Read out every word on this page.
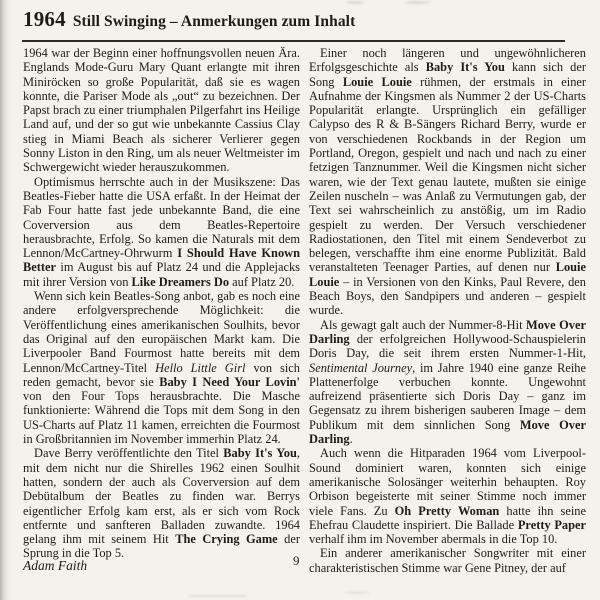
1964 Still Swinging – Anmerkungen zum Inhalt

1964 war der Beginn einer hoffnungsvollen neuen Ära. Englands Mode-Guru Mary Quant erlangte mit ihren Miniröcken so große Popularität, daß sie es wagen konnte, die Pariser Mode als „out“ zu bezeichnen. Der Papst brach zu einer triumphalen Pilgerfahrt ins Heilige Land auf, und der so gut wie unbekannte Cassius Clay stieg in Miami Beach als sicherer Verlierer gegen Sonny Liston in den Ring, um als neuer Weltmeister im Schwergewicht wieder herauszukommen.

Optimismus herrschte auch in der Musikszene: Das Beatles-Fieber hatte die USA erfaßt. In der Heimat der Fab Four hatte fast jede unbekannte Band, die eine Coverversion aus dem Beatles-Repertoire herausbrachte, Erfolg. So kamen die Naturals mit dem Lennon/McCartney-Ohrwurm I Should Have Known Better im August bis auf Platz 24 und die Applejacks mit ihrer Version von Like Dreamers Do auf Platz 20.

Wenn sich kein Beatles-Song anbot, gab es noch eine andere erfolgversprechende Möglichkeit: die Veröffentlichung eines amerikanischen Soulhits, bevor das Original auf den europäischen Markt kam. Die Liverpooler Band Fourmost hatte bereits mit dem Lennon/McCartney-Titel Hello Little Girl von sich reden gemacht, bevor sie Baby I Need Your Lovin' von den Four Tops herausbrachte. Die Masche funktionierte: Während die Tops mit dem Song in den US-Charts auf Platz 11 kamen, erreichten die Fourmost in Großbritannien im November immerhin Platz 24.

Dave Berry veröffentlichte den Titel Baby It's You, mit dem nicht nur die Shirelles 1962 einen Soulhit hatten, sondern der auch als Coverversion auf dem Debütalbum der Beatles zu finden war. Berrys eigentlicher Erfolg kam erst, als er sich vom Rock entfernte und sanfteren Balladen zuwandte. 1964 gelang ihm mit seinem Hit The Crying Game der Sprung in die Top 5.

Einer noch längeren und ungewöhnlicheren Erfolgsgeschichte als Baby It's You kann sich der Song Louie Louie rühmen, der erstmals in einer Aufnahme der Kingsmen als Nummer 2 der US-Charts Popularität erlangte. Ursprünglich ein gefälliger Calypso des R & B-Sängers Richard Berry, wurde er von verschiedenen Rockbands in der Region um Portland, Oregon, gespielt und nach und nach zu einer fetzigen Tanznummer. Weil die Kingsmen nicht sicher waren, wie der Text genau lautete, mußten sie einige Zeilen nuscheln – was Anlaß zu Vermutungen gab, der Text sei wahrscheinlich zu anstößig, um im Radio gespielt zu werden. Der Versuch verschiedener Radiostationen, den Titel mit einem Sendeverbot zu belegen, verschaffte ihm eine enorme Publizität. Bald veranstalteten Teenager Parties, auf denen nur Louie Louie – in Versionen von den Kinks, Paul Revere, den Beach Boys, den Sandpipers und anderen – gespielt wurde.

Als gewagt galt auch der Nummer-8-Hit Move Over Darling der erfolgreichen Hollywood-Schauspielerin Doris Day, die seit ihrem ersten Nummer-1-Hit, Sentimental Journey, im Jahre 1940 eine ganze Reihe Plattenerfolge verbuchen konnte. Ungewohnt aufreizend präsentierte sich Doris Day – ganz im Gegensatz zu ihrem bisherigen sauberen Image – dem Publikum mit dem sinnlichen Song Move Over Darling.

Auch wenn die Hitparaden 1964 vom Liverpool-Sound dominiert waren, konnten sich einige amerikanische Solosänger weiterhin behaupten. Roy Orbison begeisterte mit seiner Stimme noch immer viele Fans. Zu Oh Pretty Woman hatte ihn seine Ehefrau Claudette inspiriert. Die Ballade Pretty Paper verhalf ihm im November abermals in die Top 10.

Ein anderer amerikanischer Songwriter mit einer charakteristischen Stimme war Gene Pitney, der auf

Adam Faith	9
